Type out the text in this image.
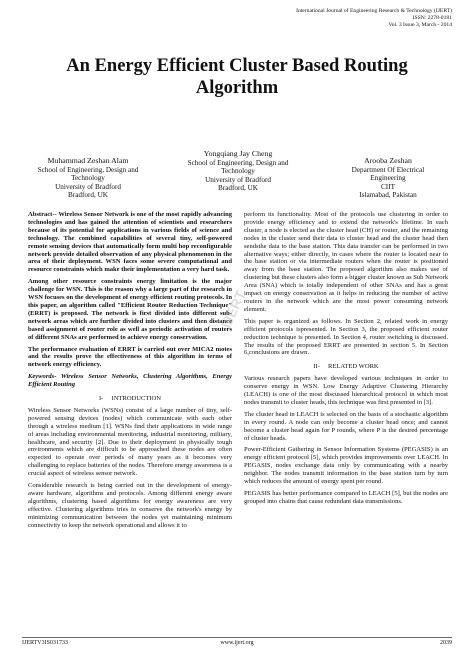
International Journal of Engineering Research & Technology (IJERT)
ISSN: 2278-0181
Vol. 3 Issue 3, March - 2014
An Energy Efficient Cluster Based Routing
Algorithm
Muhammad Zeshan Alam
School of Engineering, Design and
Technology
University of Bradford
Bradford, UK
Yongqiang Jay Cheng
School of Engineering, Design and
Technology
University of Bradford
Bradford, UK
Arooba Zeshan
Department Of Electrical
Engineering
CIIT
Islamabad, Pakistan

Abstract-- Wireless Sensor Network is one of the most rapidly advancing technologies and has gained the attention of scientists and researchers because of its potential for applications in various fields of science and technology. The combined capabilities of several tiny, self-powered remote sensing devices that automatically form multi hop reconfigurable network provide detailed observation of any physical phenomenon in the area of their deployment. WSN faces some severe computational and resource constraints which make their implementation a very hard task.

Among other resource constraints energy limitation is the major challenge for WSN. This is the reason why a large part of the research in WSN focuses on the development of energy efficient routing protocols. In this paper, an algorithm called "Efficient Router Reduction Technique" (ERRT) is proposed. The network is first divided into different sub-network areas which are further divided into clusters and then distance based assignment of router role as well as periodic activation of routers of different SNAs are performed to achieve energy conservation.

The performance evaluation of ERRT is carried out over MICA2 motes and the results prove the effectiveness of this algorithm in terms of network energy efficiency.

Keywords- Wireless Sensor Networks, Clustering Algorithms, Energy Efficient Routing

I- INTRODUCTION

Wireless Sensor Networks (WSNs) consist of a large number of tiny, self-powered sensing devices (nodes) which communicate with each other through a wireless medium [1]. WSNs find their applications in wide range of areas including environmental monitoring, industrial monitoring, military, healthcare, and security [2]. Due to their deployment in physically tough environments which are difficult to be approached these nodes are often expected to operate over periods of many years as it becomes very challenging to replace batteries of the nodes. Therefore energy awareness is a crucial aspect of wireless sensor network.

Considerable research is being carried out in the development of energy-aware hardware, algorithms and protocols. Among different energy aware algorithms, clustering based algorithms for energy awareness are very effective. Clustering algorithms tries to conserve the network's energy by minimizing communication between the nodes yet maintaining minimum connectivity to keep the network operational and allows it to

perform its functionality. Most of the protocols use clustering in order to provide energy efficiency and to extend the network's lifetime. In each cluster, a node is elected as the cluster head (CH) or router, and the remaining nodes in the cluster send their data to cluster head and the cluster head then sendsthe data to the base station. This data transfer can be performed in two alternative ways; either directly, in cases where the router is located near to the base station or via intermediate routers when the router is positioned away from the base station. The proposed algorithm also makes use of clustering but these clusters also form a bigger cluster known as Sub Network Area (SNA) which is totally independent of other SNAs and has a great impact on energy conservation as it helps in reducing the number of active routers in the network which are the most power consuming network element.

This paper is organized as follows. In Section 2, related work in energy efficient protocols ispresented. In Section 3, the proposed efficient router reduction technique is presented. In Section 4, router switching is discussed. The results of the proposed ERRT are presented in section 5. In Section 6,conclusions are drawn.

II- RELATED WORK

Various research papers have developed various techniques in order to conserve energy in WSN. Low Energy Adaptive Clustering Hierarchy (LEACH) is one of the most discussed hierarchical protocol in which most nodes transmit to cluster heads, this technique was first presented in [3].

The cluster head in LEACH is selected on the basis of a stochastic algorithm in every round. A node can only become a cluster head once; and cannot become a cluster head again for P rounds, where P is the desired percentage of cluster heads.

Power-Efficient Gathering in Sensor Information Systems (PEGASIS) is an energy efficient protocol [5], which provides improvements over LEACH. In PEGASIS, nodes exchange data only by communicating with a nearby neighbor. The nodes transmit information to the base station turn by turn which reduces the amount of energy spent per round.

PEGASIS has better performance compared to LEACH [5], but the nodes are grouped into chains that cause redundant data transmissions.

IJERT
IJERTV3IS031733	www.ijert.org	2039
